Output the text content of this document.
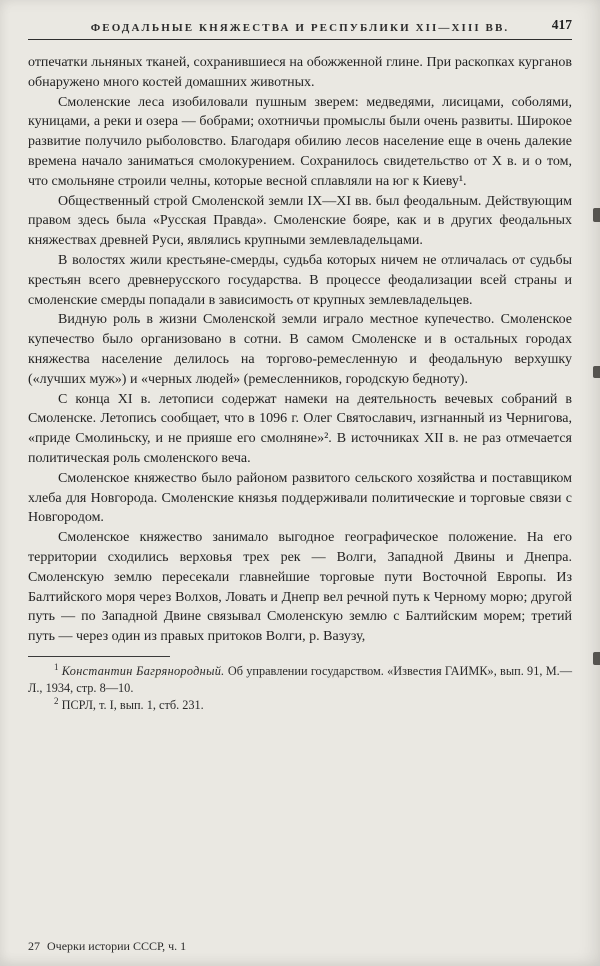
ФЕОДАЛЬНЫЕ КНЯЖЕСТВА И РЕСПУБЛИКИ XII—XIII ВВ.	417

отпечатки льняных тканей, сохранившиеся на обожженной глине. При раскопках курганов обнаружено много костей домашних животных.

Смоленские леса изобиловали пушным зверем: медведями, лисицами, соболями, куницами, а реки и озера — бобрами; охотничьи промыслы были очень развиты. Широкое развитие получило рыболовство. Благодаря обилию лесов население еще в очень далекие времена начало заниматься смолокурением. Сохранилось свидетельство от X в. и о том, что смольняне строили челны, которые весной сплавляли на юг к Киеву¹.

Общественный строй Смоленской земли IX—XI вв. был феодальным. Действующим правом здесь была «Русская Правда». Смоленские бояре, как и в других феодальных княжествах древней Руси, являлись крупными землевладельцами.

В волостях жили крестьяне-смерды, судьба которых ничем не отличалась от судьбы крестьян всего древнерусского государства. В процессе феодализации всей страны и смоленские смерды попадали в зависимость от крупных землевладельцев.

Видную роль в жизни Смоленской земли играло местное купечество. Смоленское купечество было организовано в сотни. В самом Смоленске и в остальных городах княжества население делилось на торгово-ремесленную и феодальную верхушку («лучших муж») и «черных людей» (ремесленников, городскую бедноту).

С конца XI в. летописи содержат намеки на деятельность вечевых собраний в Смоленске. Летопись сообщает, что в 1096 г. Олег Святославич, изгнанный из Чернигова, «приде Смолиньску, и не прияше его смолняне»². В источниках XII в. не раз отмечается политическая роль смоленского веча.

Смоленское княжество было районом развитого сельского хозяйства и поставщиком хлеба для Новгорода. Смоленские князья поддерживали политические и торговые связи с Новгородом.

Смоленское княжество занимало выгодное географическое положение. На его территории сходились верховья трех рек — Волги, Западной Двины и Днепра. Смоленскую землю пересекали главнейшие торговые пути Восточной Европы. Из Балтийского моря через Волхов, Ловать и Днепр вел речной путь к Черному морю; другой путь — по Западной Двине связывал Смоленскую землю с Балтийским морем; третий путь — через один из правых притоков Волги, р. Вазузу,

$^1$ Константин Багрянородный. Об управлении государством. «Известия ГАИМК», вып. 91, М.—Л., 1934, стр. 8—10.

$^2$ ПСРЛ, т. I, вып. 1, стб. 231.

27 Очерки истории СССР, ч. 1
